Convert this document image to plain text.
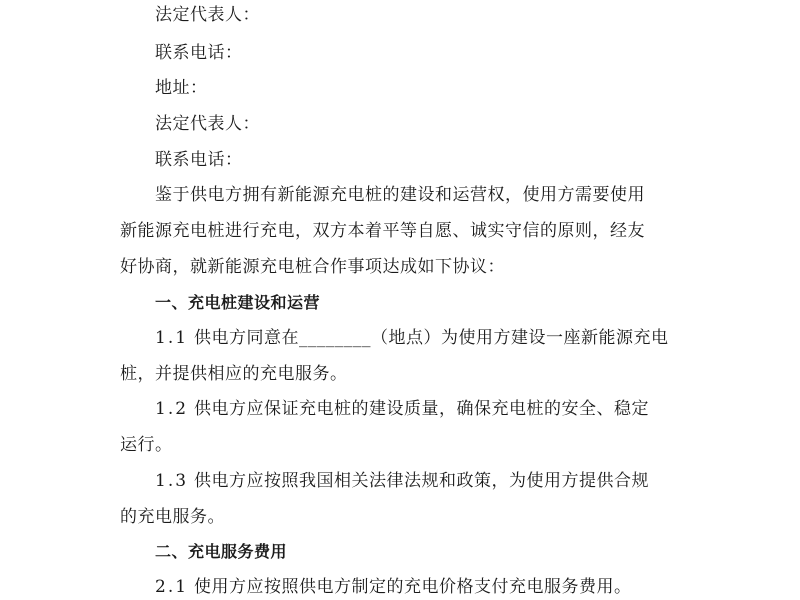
法定代表人：
联系电话：
地址：
法定代表人：
联系电话：
鉴于供电方拥有新能源充电桩的建设和运营权，使用方需要使用
新能源充电桩进行充电，双方本着平等自愿、诚实守信的原则，经友
好协商，就新能源充电桩合作事项达成如下协议：
一、充电桩建设和运营
1.1 供电方同意在________（地点）为使用方建设一座新能源充电
桩，并提供相应的充电服务。
1.2 供电方应保证充电桩的建设质量，确保充电桩的安全、稳定
运行。
1.3 供电方应按照我国相关法律法规和政策，为使用方提供合规
的充电服务。
二、充电服务费用
2.1 使用方应按照供电方制定的充电价格支付充电服务费用。
